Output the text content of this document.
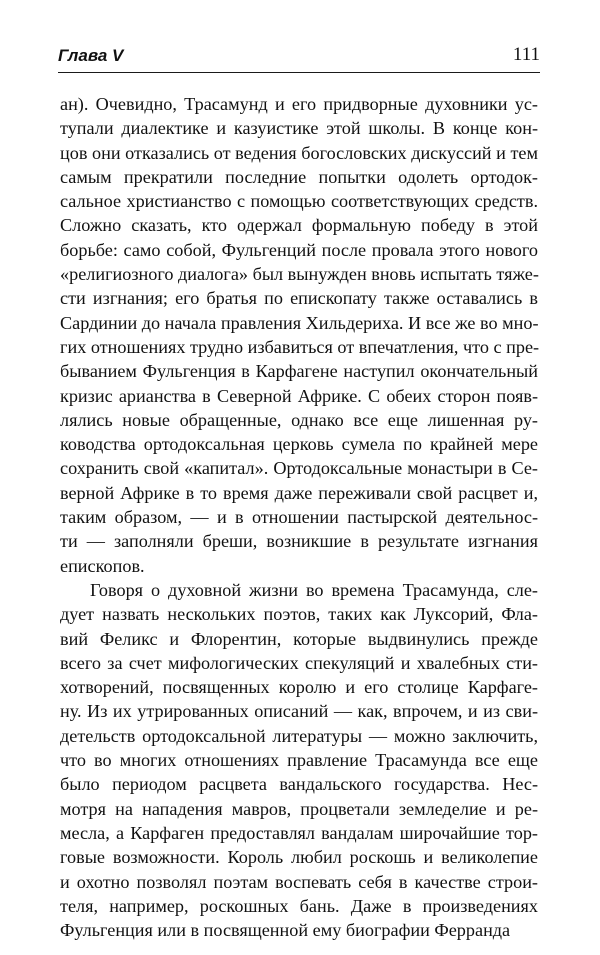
Глава V	111
ан). Очевидно, Трасамунд и его придворные духовники ус-
тупали диалектике и казуистике этой школы. В конце кон-
цов они отказались от ведения богословских дискуссий и тем
самым прекратили последние попытки одолеть ортодок-
сальное христианство с помощью соответствующих средств.
Сложно сказать, кто одержал формальную победу в этой
борьбе: само собой, Фульгенций после провала этого нового
«религиозного диалога» был вынужден вновь испытать тяже-
сти изгнания; его братья по епископату также оставались в
Сардинии до начала правления Хильдериха. И все же во мно-
гих отношениях трудно избавиться от впечатления, что с пре-
быванием Фульгенция в Карфагене наступил окончательный
кризис арианства в Северной Африке. С обеих сторон появ-
лялись новые обращенные, однако все еще лишенная ру-
ководства ортодоксальная церковь сумела по крайней мере
сохранить свой «капитал». Ортодоксальные монастыри в Се-
верной Африке в то время даже переживали свой расцвет и,
таким образом, — и в отношении пастырской деятельнос-
ти — заполняли бреши, возникшие в результате изгнания
епископов.
Говоря о духовной жизни во времена Трасамунда, сле-
дует назвать нескольких поэтов, таких как Луксорий, Фла-
вий Феликс и Флорентин, которые выдвинулись прежде
всего за счет мифологических спекуляций и хвалебных сти-
хотворений, посвященных королю и его столице Карфаге-
ну. Из их утрированных описаний — как, впрочем, и из сви-
детельств ортодоксальной литературы — можно заключить,
что во многих отношениях правление Трасамунда все еще
было периодом расцвета вандальского государства. Нес-
мотря на нападения мавров, процветали земледелие и ре-
месла, а Карфаген предоставлял вандалам широчайшие тор-
говые возможности. Король любил роскошь и великолепие
и охотно позволял поэтам воспевать себя в качестве строи-
теля, например, роскошных бань. Даже в произведениях
Фульгенция или в посвященной ему биографии Ферранда
